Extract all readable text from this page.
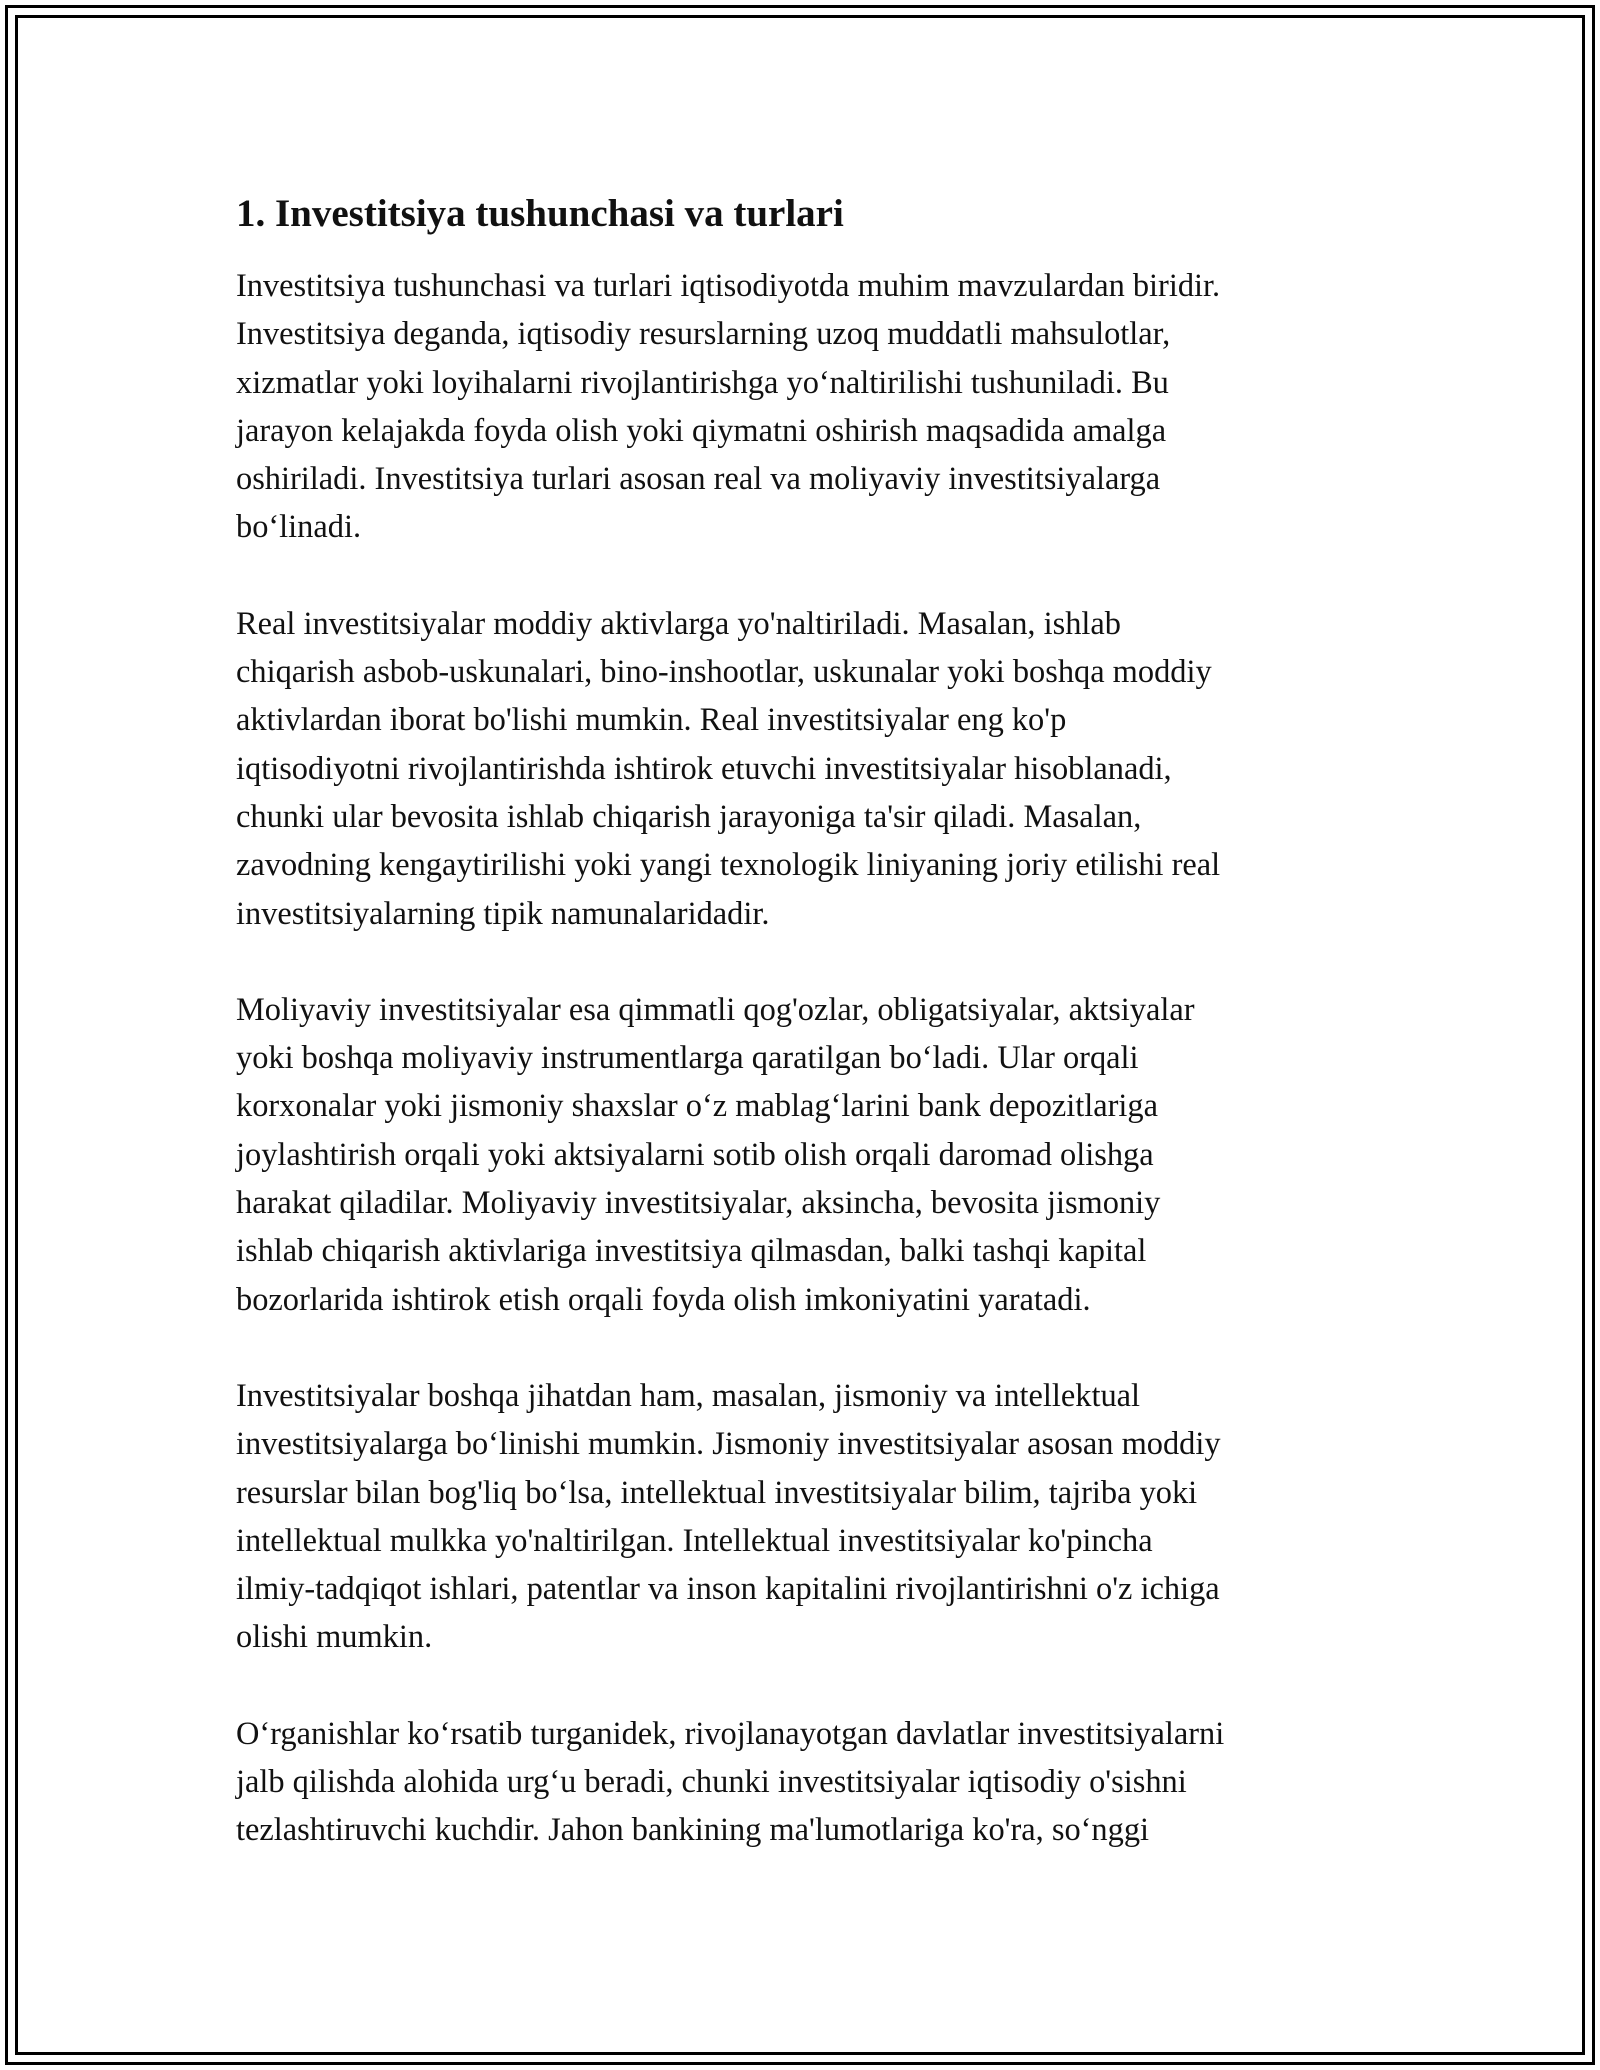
1. Investitsiya tushunchasi va turlari
Investitsiya tushunchasi va turlari iqtisodiyotda muhim mavzulardan biridir.
Investitsiya deganda, iqtisodiy resurslarning uzoq muddatli mahsulotlar,
xizmatlar yoki loyihalarni rivojlantirishga yo‘naltirilishi tushuniladi. Bu
jarayon kelajakda foyda olish yoki qiymatni oshirish maqsadida amalga
oshiriladi. Investitsiya turlari asosan real va moliyaviy investitsiyalarga
bo‘linadi.
Real investitsiyalar moddiy aktivlarga yo'naltiriladi. Masalan, ishlab
chiqarish asbob-uskunalari, bino-inshootlar, uskunalar yoki boshqa moddiy
aktivlardan iborat bo'lishi mumkin. Real investitsiyalar eng ko'p
iqtisodiyotni rivojlantirishda ishtirok etuvchi investitsiyalar hisoblanadi,
chunki ular bevosita ishlab chiqarish jarayoniga ta'sir qiladi. Masalan,
zavodning kengaytirilishi yoki yangi texnologik liniyaning joriy etilishi real
investitsiyalarning tipik namunalaridadir.
Moliyaviy investitsiyalar esa qimmatli qog'ozlar, obligatsiyalar, aktsiyalar
yoki boshqa moliyaviy instrumentlarga qaratilgan bo‘ladi. Ular orqali
korxonalar yoki jismoniy shaxslar o‘z mablag‘larini bank depozitlariga
joylashtirish orqali yoki aktsiyalarni sotib olish orqali daromad olishga
harakat qiladilar. Moliyaviy investitsiyalar, aksincha, bevosita jismoniy
ishlab chiqarish aktivlariga investitsiya qilmasdan, balki tashqi kapital
bozorlarida ishtirok etish orqali foyda olish imkoniyatini yaratadi.
Investitsiyalar boshqa jihatdan ham, masalan, jismoniy va intellektual
investitsiyalarga bo‘linishi mumkin. Jismoniy investitsiyalar asosan moddiy
resurslar bilan bog'liq bo‘lsa, intellektual investitsiyalar bilim, tajriba yoki
intellektual mulkka yo'naltirilgan. Intellektual investitsiyalar ko'pincha
ilmiy-tadqiqot ishlari, patentlar va inson kapitalini rivojlantirishni o'z ichiga
olishi mumkin.
O‘rganishlar ko‘rsatib turganidek, rivojlanayotgan davlatlar investitsiyalarni
jalb qilishda alohida urg‘u beradi, chunki investitsiyalar iqtisodiy o'sishni
tezlashtiruvchi kuchdir. Jahon bankining ma'lumotlariga ko'ra, so‘nggi
